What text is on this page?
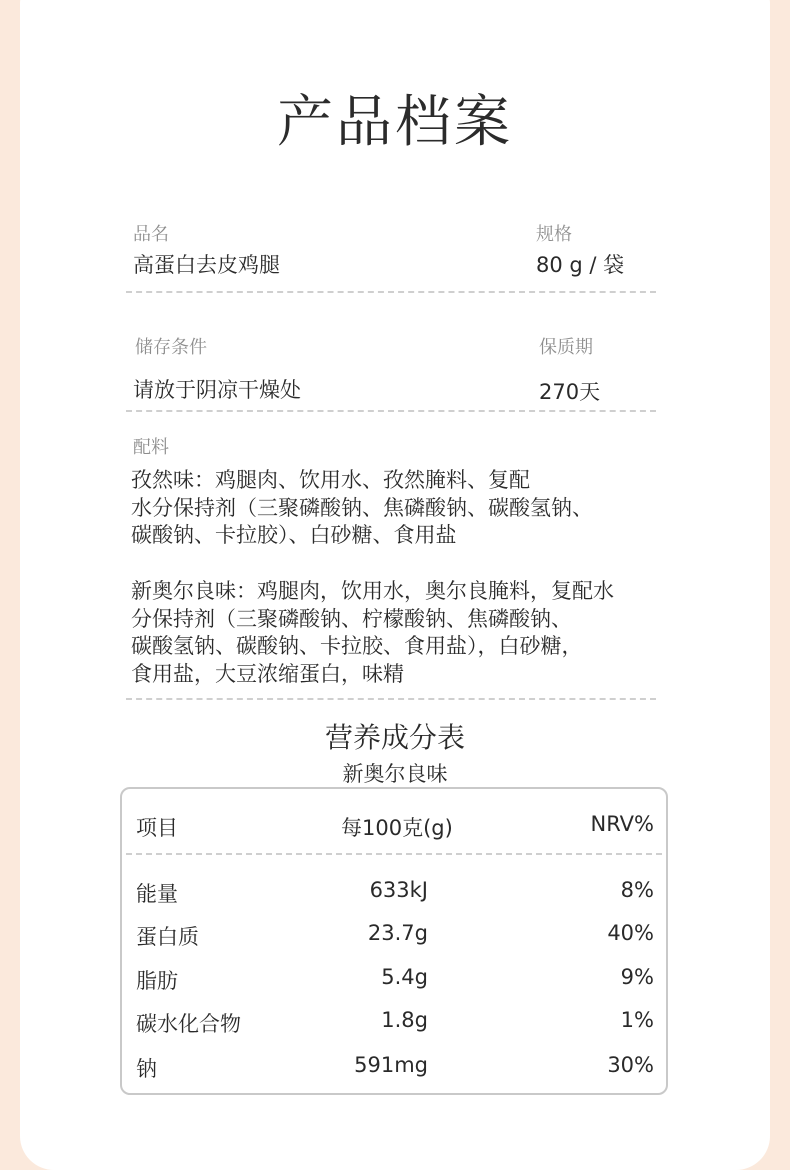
产品档案
品名
高蛋白去皮鸡腿
规格
80 g / 袋
储存条件
请放于阴凉干燥处
保质期
270天
配料
孜然味：鸡腿肉、饮用水、孜然腌料、复配
水分保持剂（三聚磷酸钠、焦磷酸钠、碳酸氢钠、
碳酸钠、卡拉胶）、白砂糖、食用盐
新奥尔良味：鸡腿肉，饮用水，奥尔良腌料，复配水
分保持剂（三聚磷酸钠、柠檬酸钠、焦磷酸钠、
碳酸氢钠、碳酸钠、卡拉胶、食用盐），白砂糖，
食用盐，大豆浓缩蛋白，味精
营养成分表
新奥尔良味
项目	每100克(g)	NRV%
能量	633kJ	8%
蛋白质	23.7g	40%
脂肪	5.4g	9%
碳水化合物	1.8g	1%
钠	591mg	30%
